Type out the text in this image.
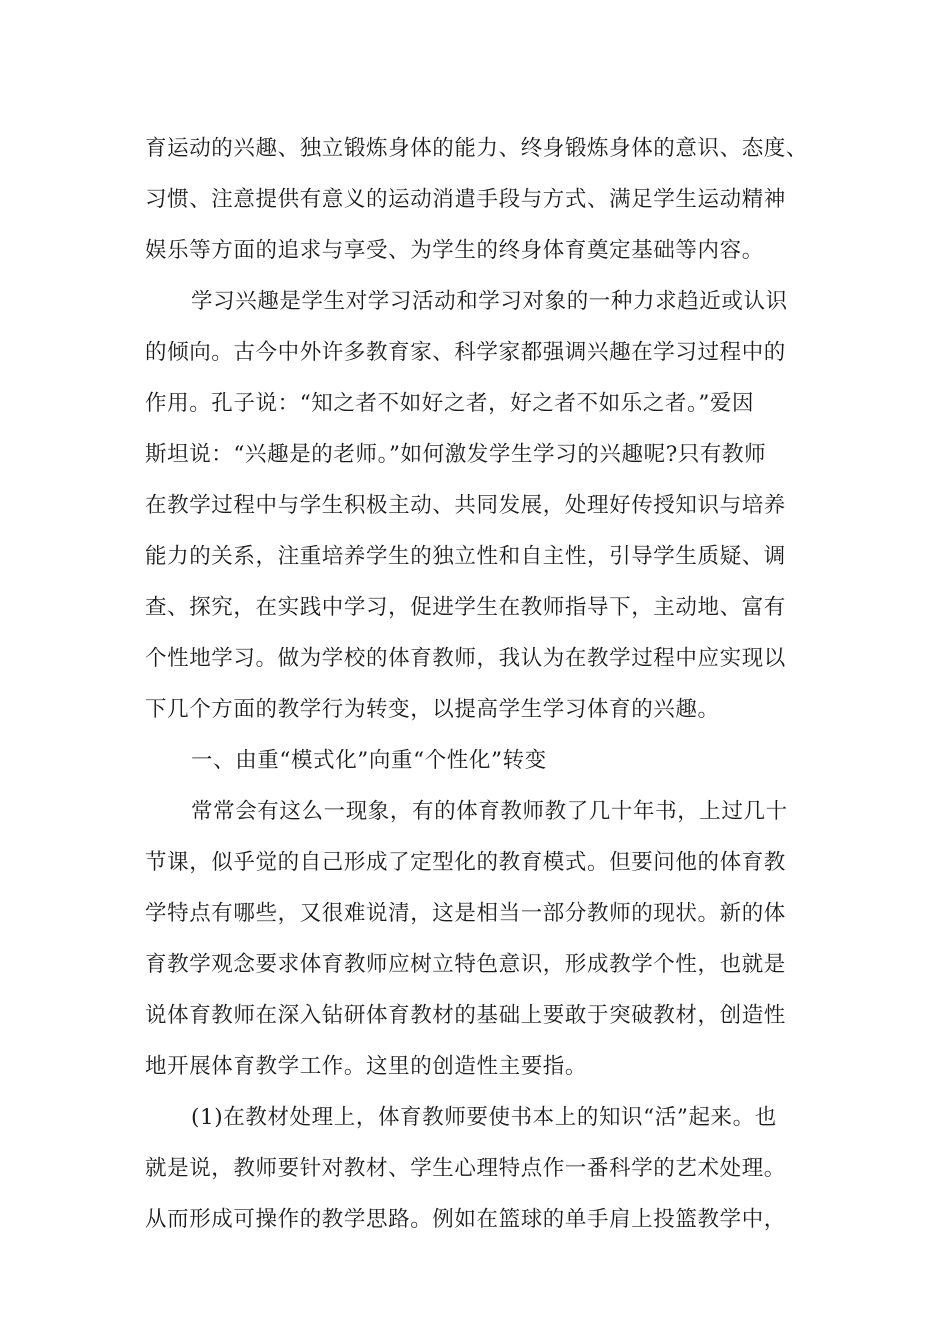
育运动的兴趣、独立锻炼身体的能力、终身锻炼身体的意识、态度、
习惯、注意提供有意义的运动消遣手段与方式、满足学生运动精神
娱乐等方面的追求与享受、为学生的终身体育奠定基础等内容。
学习兴趣是学生对学习活动和学习对象的一种力求趋近或认识
的倾向。古今中外许多教育家、科学家都强调兴趣在学习过程中的
作用。孔子说：“知之者不如好之者，好之者不如乐之者。”爱因
斯坦说：“兴趣是的老师。”如何激发学生学习的兴趣呢?只有教师
在教学过程中与学生积极主动、共同发展，处理好传授知识与培养
能力的关系，注重培养学生的独立性和自主性，引导学生质疑、调
查、探究，在实践中学习，促进学生在教师指导下，主动地、富有
个性地学习。做为学校的体育教师，我认为在教学过程中应实现以
下几个方面的教学行为转变，以提高学生学习体育的兴趣。
一、由重“模式化”向重“个性化”转变
常常会有这么一现象，有的体育教师教了几十年书，上过几十
节课，似乎觉的自己形成了定型化的教育模式。但要问他的体育教
学特点有哪些，又很难说清，这是相当一部分教师的现状。新的体
育教学观念要求体育教师应树立特色意识，形成教学个性，也就是
说体育教师在深入钻研体育教材的基础上要敢于突破教材，创造性
地开展体育教学工作。这里的创造性主要指。
(1)在教材处理上，体育教师要使书本上的知识“活”起来。也
就是说，教师要针对教材、学生心理特点作一番科学的艺术处理。
从而形成可操作的教学思路。例如在篮球的单手肩上投篮教学中，
